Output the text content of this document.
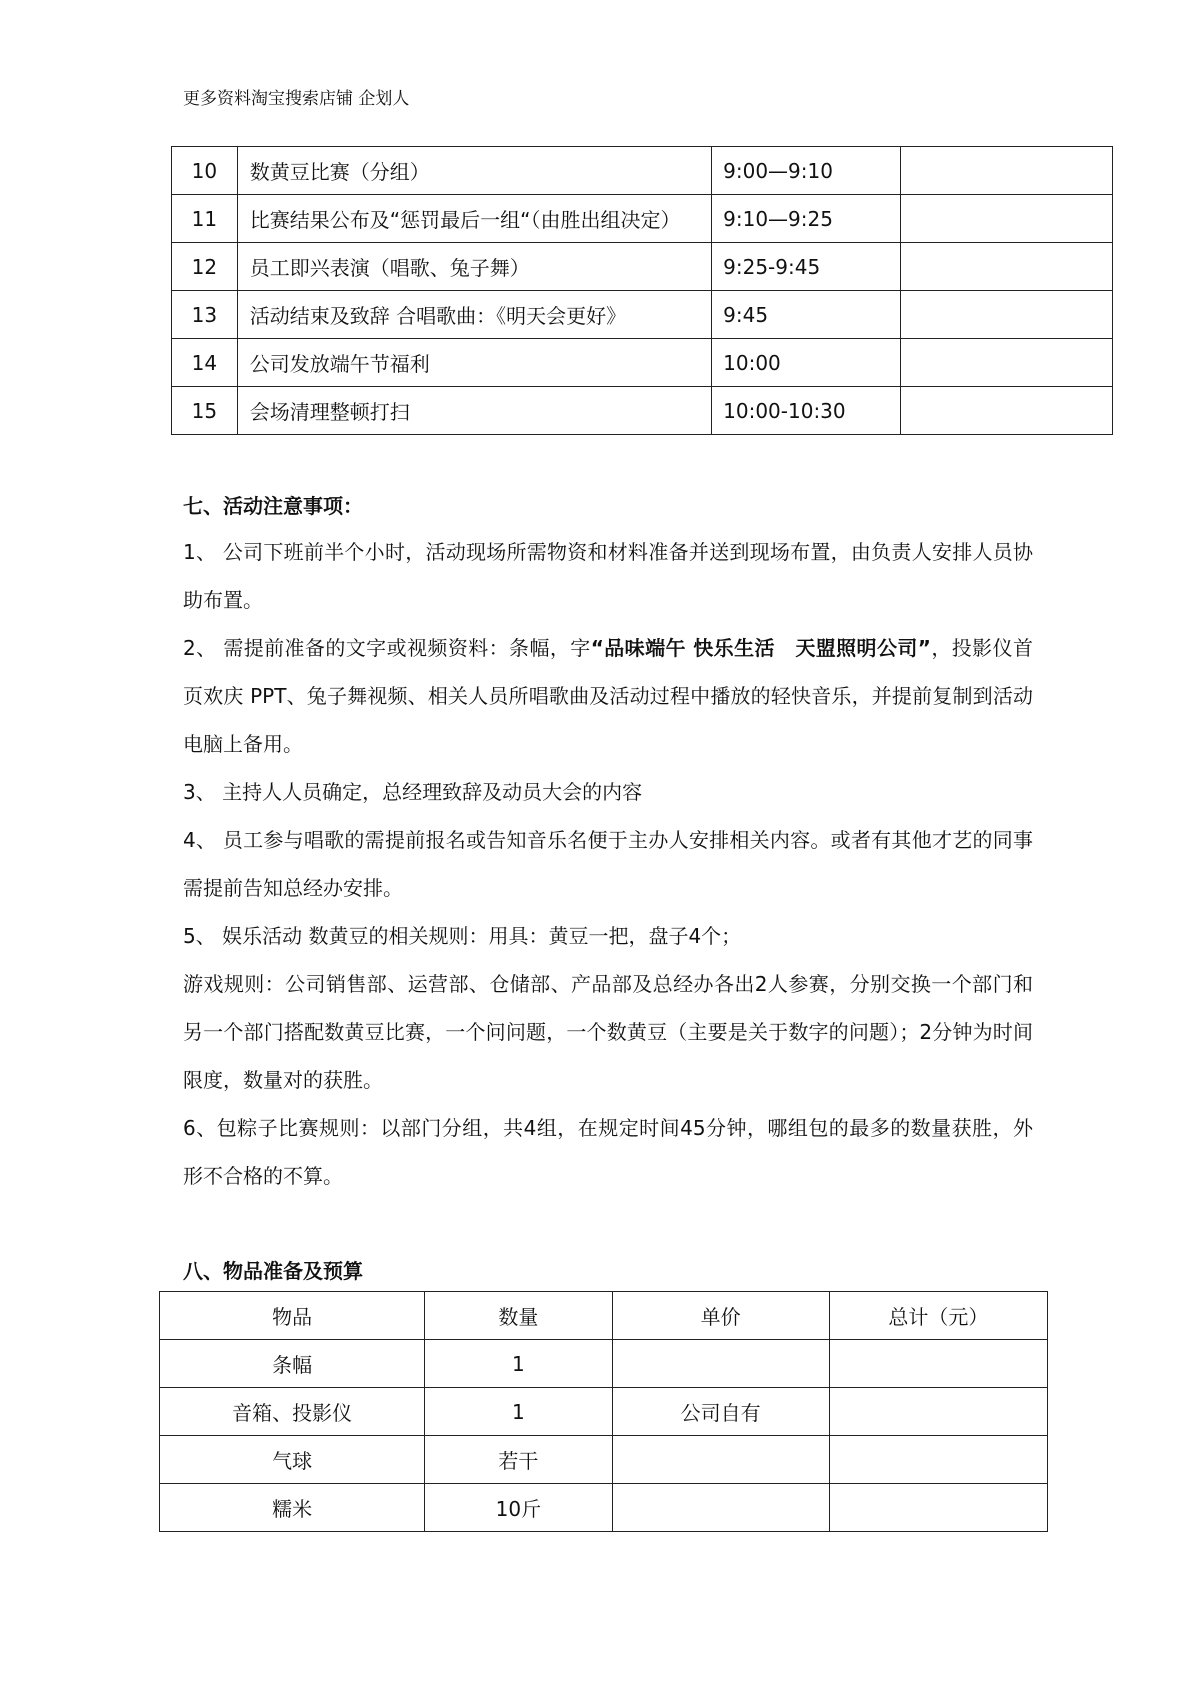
更多资料淘宝搜索店铺 企划人
10	数黄豆比赛（分组）	9:00—9:10	
11	比赛结果公布及“惩罚最后一组“（由胜出组决定）	9:10—9:25	
12	员工即兴表演（唱歌、兔子舞）	9:25-9:45	
13	活动结束及致辞 合唱歌曲：《明天会更好》	9:45	
14	公司发放端午节福利	10:00	
15	会场清理整顿打扫	10:00-10:30	
七、活动注意事项：

1、 公司下班前半个小时，活动现场所需物资和材料准备并送到现场布置，由负责人安排人员协助布置。

2、 需提前准备的文字或视频资料：条幅，字“品味端午 快乐生活　天盟照明公司”，投影仪首页欢庆 PPT、兔子舞视频、相关人员所唱歌曲及活动过程中播放的轻快音乐，并提前复制到活动电脑上备用。

3、 主持人人员确定，总经理致辞及动员大会的内容

4、 员工参与唱歌的需提前报名或告知音乐名便于主办人安排相关内容。或者有其他才艺的同事需提前告知总经办安排。

5、 娱乐活动 数黄豆的相关规则：用具：黄豆一把，盘子4个；

游戏规则：公司销售部、运营部、仓储部、产品部及总经办各出2人参赛，分别交换一个部门和另一个部门搭配数黄豆比赛，一个问问题，一个数黄豆（主要是关于数字的问题）；2分钟为时间限度，数量对的获胜。

6、包粽子比赛规则：以部门分组，共4组，在规定时间45分钟，哪组包的最多的数量获胜，外形不合格的不算。

八、物品准备及预算
物品	数量	单价	总计（元）
条幅	1		
音箱、投影仪	1	公司自有	
气球	若干		
糯米	10斤		
